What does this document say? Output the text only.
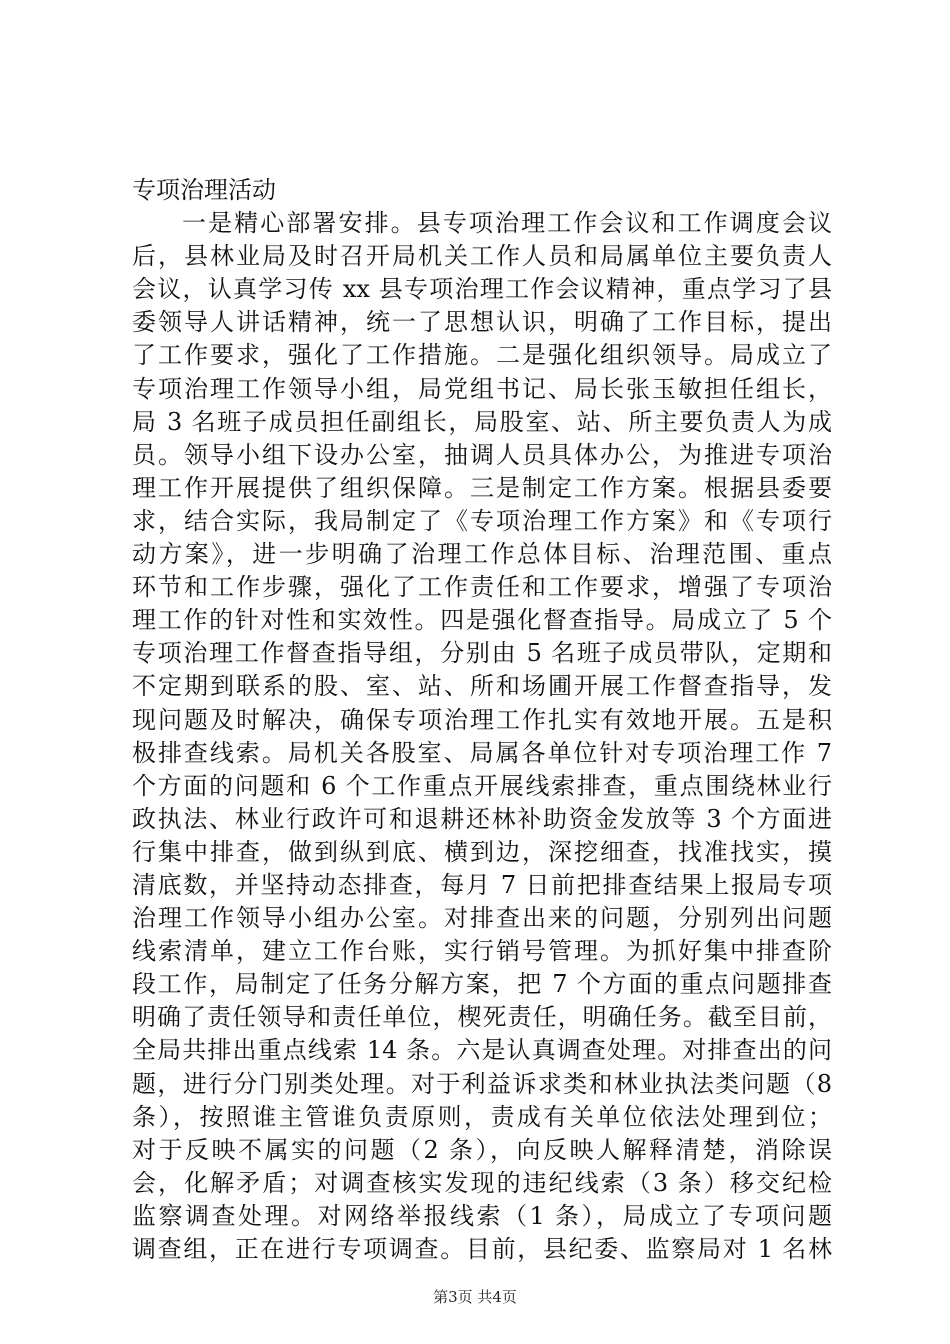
专项治理活动
一是精心部署安排。县专项治理工作会议和工作调度会议
后，县林业局及时召开局机关工作人员和局属单位主要负责人
会议，认真学习传 xx 县专项治理工作会议精神，重点学习了县
委领导人讲话精神，统一了思想认识，明确了工作目标，提出
了工作要求，强化了工作措施。二是强化组织领导。局成立了
专项治理工作领导小组，局党组书记、局长张玉敏担任组长，
局 3 名班子成员担任副组长，局股室、站、所主要负责人为成
员。领导小组下设办公室，抽调人员具体办公，为推进专项治
理工作开展提供了组织保障。三是制定工作方案。根据县委要
求，结合实际，我局制定了《专项治理工作方案》和《专项行
动方案》，进一步明确了治理工作总体目标、治理范围、重点
环节和工作步骤，强化了工作责任和工作要求，增强了专项治
理工作的针对性和实效性。四是强化督查指导。局成立了 5 个
专项治理工作督查指导组，分别由 5 名班子成员带队，定期和
不定期到联系的股、室、站、所和场圃开展工作督查指导，发
现问题及时解决，确保专项治理工作扎实有效地开展。五是积
极排查线索。局机关各股室、局属各单位针对专项治理工作 7
个方面的问题和 6 个工作重点开展线索排查，重点围绕林业行
政执法、林业行政许可和退耕还林补助资金发放等 3 个方面进
行集中排查，做到纵到底、横到边，深挖细查，找准找实，摸
清底数，并坚持动态排查，每月 7 日前把排查结果上报局专项
治理工作领导小组办公室。对排查出来的问题，分别列出问题
线索清单，建立工作台账，实行销号管理。为抓好集中排查阶
段工作，局制定了任务分解方案，把 7 个方面的重点问题排查
明确了责任领导和责任单位，楔死责任，明确任务。截至目前，
全局共排出重点线索 14 条。六是认真调查处理。对排查出的问
题，进行分门别类处理。对于利益诉求类和林业执法类问题（8
条），按照谁主管谁负责原则，责成有关单位依法处理到位；
对于反映不属实的问题（2 条），向反映人解释清楚，消除误
会，化解矛盾；对调查核实发现的违纪线索（3 条）移交纪检
监察调查处理。对网络举报线索（1 条），局成立了专项问题
调查组，正在进行专项调查。目前，县纪委、监察局对 1 名林
第3页 共4页
